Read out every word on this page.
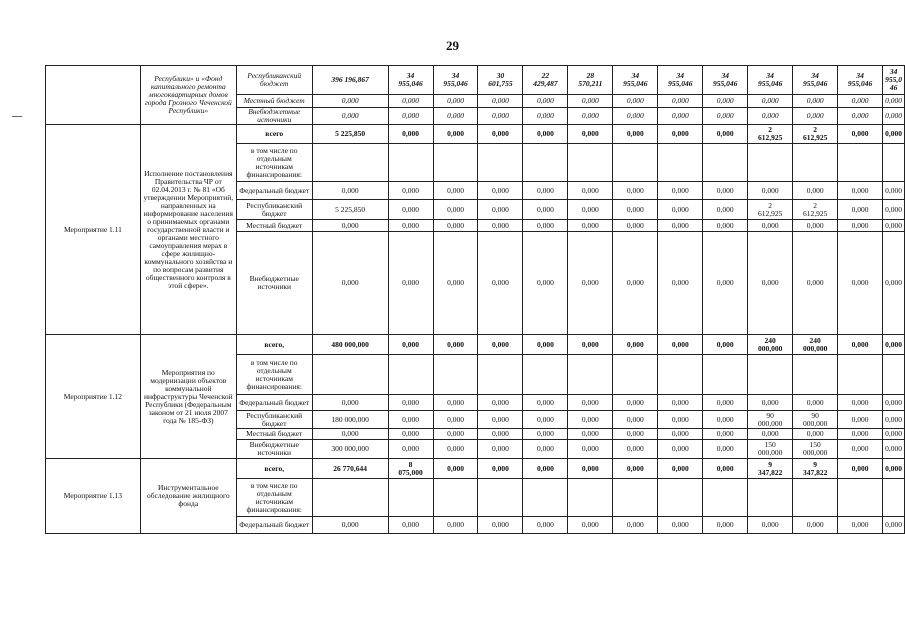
29
	Республики» и «Фонд капитального ремонта многоквартирных домов города Грозного Чеченской Республики»	Республиканский бюджет	396 196,867	34
955,046	34
955,046	30
601,755	22
429,487	28
570,211	34
955,046	34
955,046	34
955,046	34
955,046	34
955,046	34
955,046	34
955,0
46
		Местный бюджет	0,000	0,000	0,000	0,000	0,000	0,000	0,000	0,000	0,000	0,000	0,000	0,000	0,000
		Внебюджетные источники	0,000	0,000	0,000	0,000	0,000	0,000	0,000	0,000	0,000	0,000	0,000	0,000	0,000
Мероприятие 1.11	Исполнение постановления Правительства ЧР от 02.04.2013 г. № 81 «Об утверждении Мероприятий, направленных на информирование населения о принимаемых органами государственной власти и органами местного самоуправления мерах в сфере жилищно-коммунального хозяйства и по вопросам развития общественного контроля в этой сфере».	всего	5 225,850	0,000	0,000	0,000	0,000	0,000	0,000	0,000	0,000	2
612,925	2
612,925	0,000	0,000
		в том числе по отдельным источникам финансирования:													
		Федеральный бюджет	0,000	0,000	0,000	0,000	0,000	0,000	0,000	0,000	0,000	0,000	0,000	0,000	0,000
		Республиканский бюджет	5 225,850	0,000	0,000	0,000	0,000	0,000	0,000	0,000	0,000	2
612,925	2
612,925	0,000	0,000
		Местный бюджет	0,000	0,000	0,000	0,000	0,000	0,000	0,000	0,000	0,000	0,000	0,000	0,000	0,000
		Внебюджетные источники	0,000	0,000	0,000	0,000	0,000	0,000	0,000	0,000	0,000	0,000	0,000	0,000	0,000
Мероприятие 1.12	Мероприятия по модернизации объектов коммунальной инфраструктуры Чеченской Республики (Федеральным законом от 21 июля 2007 года № 185-ФЗ)	всего,	480 000,000	0,000	0,000	0,000	0,000	0,000	0,000	0,000	0,000	240
000,000	240
000,000	0,000	0,000
		в том числе по отдельным источникам финансирования:													
		Федеральный бюджет	0,000	0,000	0,000	0,000	0,000	0,000	0,000	0,000	0,000	0,000	0,000	0,000	0,000
		Республиканский бюджет	180 000,000	0,000	0,000	0,000	0,000	0,000	0,000	0,000	0,000	90
000,000	90
000,000	0,000	0,000
		Местный бюджет	0,000	0,000	0,000	0,000	0,000	0,000	0,000	0,000	0,000	0,000	0,000	0,000	0,000
		Внебюджетные источники	300 000,000	0,000	0,000	0,000	0,000	0,000	0,000	0,000	0,000	150
000,000	150
000,000	0,000	0,000
Мероприятие 1.13	Инструментальное обследование жилищного фонда	всего,	26 770,644	8
075,000	0,000	0,000	0,000	0,000	0,000	0,000	0,000	9
347,822	9
347,822	0,000	0,000
		в том числе по отдельным источникам финансирования:													
		Федеральный бюджет	0,000	0,000	0,000	0,000	0,000	0,000	0,000	0,000	0,000	0,000	0,000	0,000	0,000
